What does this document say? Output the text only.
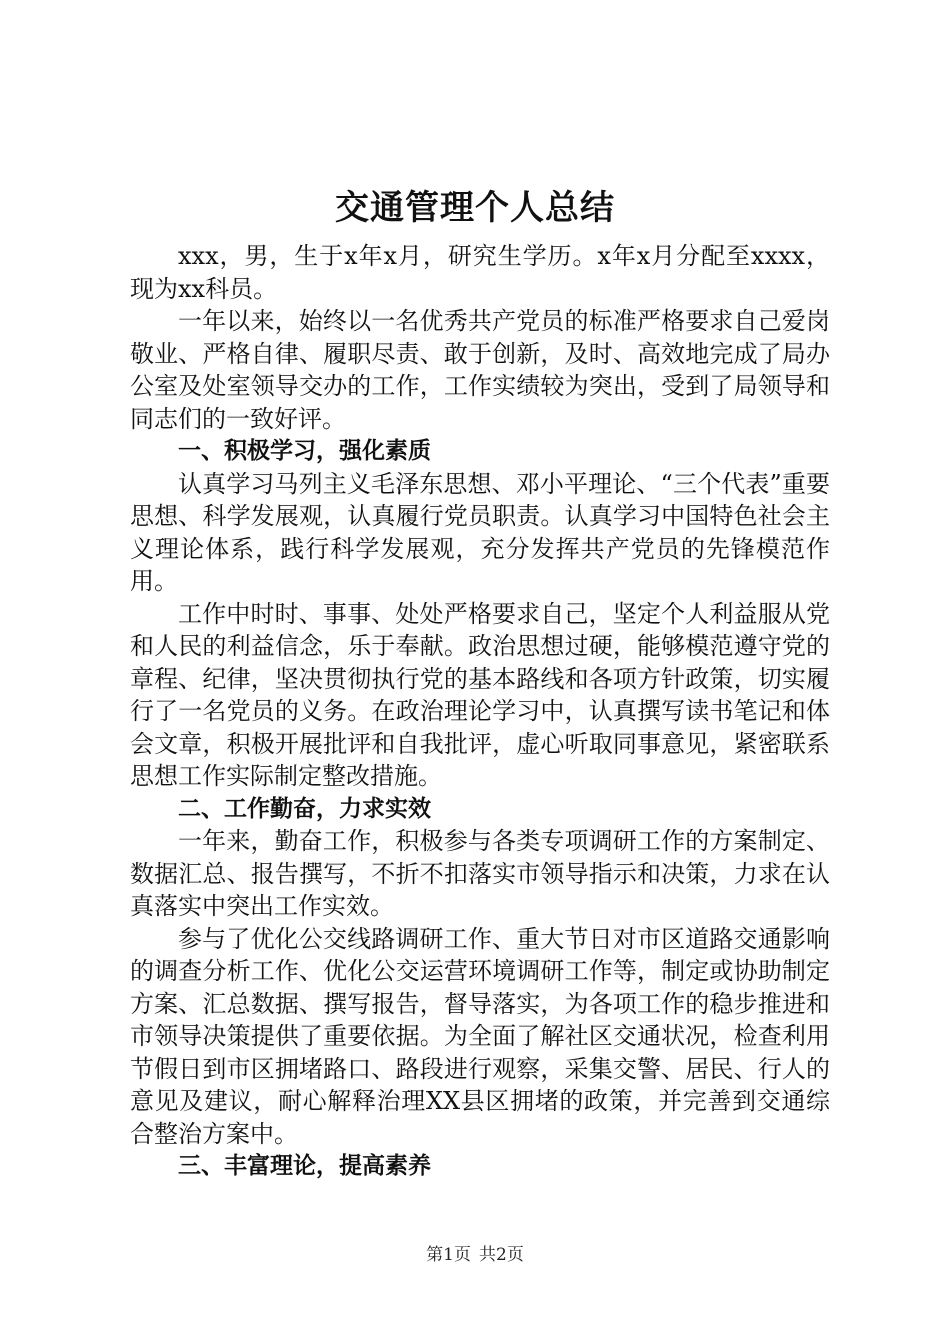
交通管理个人总结

xxx，男，生于x年x月，研究生学历。x年x月分配至xxxx，现为xx科员。

一年以来，始终以一名优秀共产党员的标准严格要求自己爱岗敬业、严格自律、履职尽责、敢于创新，及时、高效地完成了局办公室及处室领导交办的工作，工作实绩较为突出，受到了局领导和同志们的一致好评。

一、积极学习，强化素质

认真学习马列主义毛泽东思想、邓小平理论、“三个代表”重要思想、科学发展观，认真履行党员职责。认真学习中国特色社会主义理论体系，践行科学发展观，充分发挥共产党员的先锋模范作用。

工作中时时、事事、处处严格要求自己，坚定个人利益服从党和人民的利益信念，乐于奉献。政治思想过硬，能够模范遵守党的章程、纪律，坚决贯彻执行党的基本路线和各项方针政策，切实履行了一名党员的义务。在政治理论学习中，认真撰写读书笔记和体会文章，积极开展批评和自我批评，虚心听取同事意见，紧密联系思想工作实际制定整改措施。

二、工作勤奋，力求实效

一年来，勤奋工作，积极参与各类专项调研工作的方案制定、数据汇总、报告撰写，不折不扣落实市领导指示和决策，力求在认真落实中突出工作实效。

参与了优化公交线路调研工作、重大节日对市区道路交通影响的调查分析工作、优化公交运营环境调研工作等，制定或协助制定方案、汇总数据、撰写报告，督导落实，为各项工作的稳步推进和市领导决策提供了重要依据。为全面了解社区交通状况，检查利用节假日到市区拥堵路口、路段进行观察，采集交警、居民、行人的意见及建议，耐心解释治理XX县区拥堵的政策，并完善到交通综合整治方案中。

三、丰富理论，提高素养

第1页 共2页
